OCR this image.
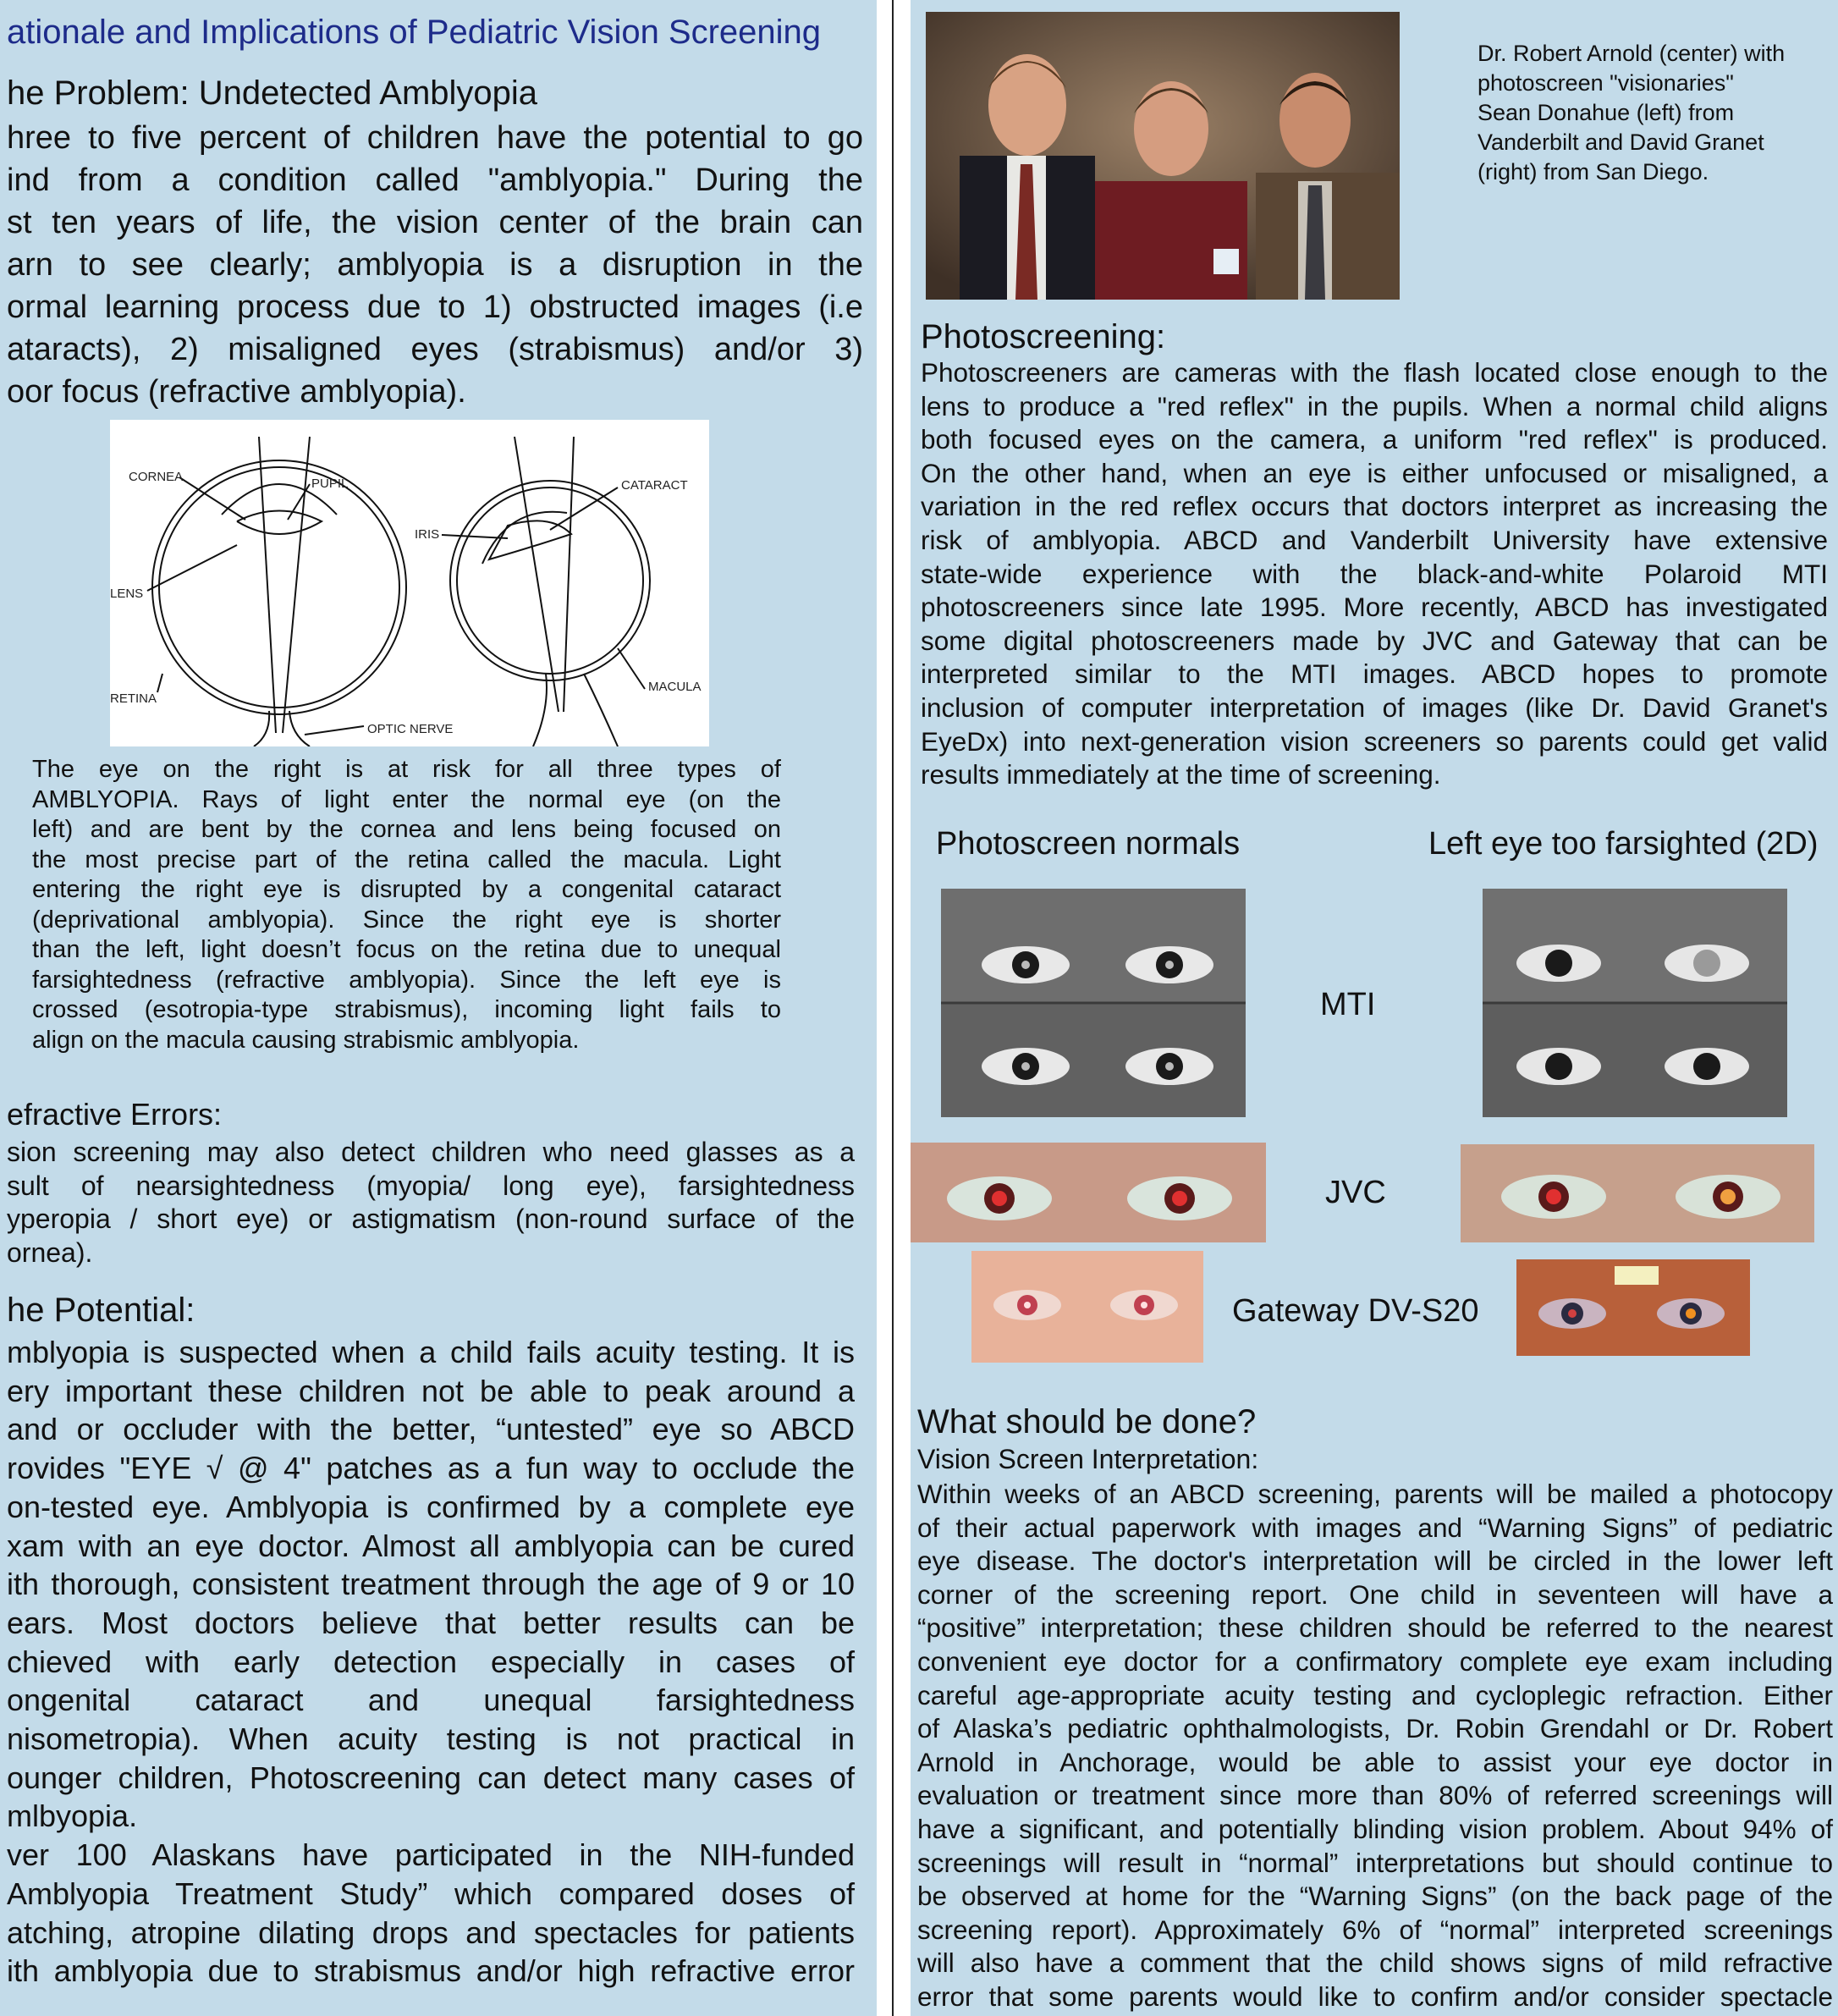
ationale and Implications of Pediatric Vision Screening
he Problem: Undetected Amblyopia
hree to five percent of children have the potential to go
ind from a condition called "amblyopia." During the
st ten years of life, the vision center of the brain can
arn to see clearly; amblyopia is a disruption in the
ormal learning process due to 1) obstructed images (i.e
ataracts), 2) misaligned eyes (strabismus) and/or 3)
oor focus (refractive amblyopia).
CORNEA	PUPIL
LENS
RETINA
OPTIC NERVE
IRIS
CATARACT
MACULA
The eye on the right is at risk for all three types of
AMBLYOPIA. Rays of light enter the normal eye (on the
left) and are bent by the cornea and lens being focused on
the most precise part of the retina called the macula. Light
entering the right eye is disrupted by a congenital cataract
(deprivational amblyopia). Since the right eye is shorter
than the left, light doesn’t focus on the retina due to unequal
farsightedness (refractive amblyopia). Since the left eye is
crossed (esotropia-type strabismus), incoming light fails to
align on the macula causing strabismic amblyopia.
efractive Errors:
sion screening may also detect children who need glasses as a
sult of nearsightedness (myopia/ long eye), farsightedness
yperopia / short eye) or astigmatism (non-round surface of the
ornea).
he Potential:
mblyopia is suspected when a child fails acuity testing. It is
ery important these children not be able to peak around a
and or occluder with the better, “untested” eye so ABCD
rovides "EYE √ @ 4" patches as a fun way to occlude the
on-tested eye. Amblyopia is confirmed by a complete eye
xam with an eye doctor. Almost all amblyopia can be cured
ith thorough, consistent treatment through the age of 9 or 10
ears. Most doctors believe that better results can be
chieved with early detection especially in cases of
ongenital cataract and unequal farsightedness
nisometropia). When acuity testing is not practical in
ounger children, Photoscreening can detect many cases of
mlbyopia.
ver 100 Alaskans have participated in the NIH-funded
Amblyopia Treatment Study” which compared doses of
atching, atropine dilating drops and spectacles for patients
ith amblyopia due to strabismus and/or high refractive error
Dr. Robert Arnold (center) with
photoscreen "visionaries"
Sean Donahue (left) from
Vanderbilt and David Granet
(right) from San Diego.
Photoscreening:
Photoscreeners are cameras with the flash located close enough to the
lens to produce a "red reflex" in the pupils. When a normal child aligns
both focused eyes on the camera, a uniform "red reflex" is produced.
On the other hand, when an eye is either unfocused or misaligned, a
variation in the red reflex occurs that doctors interpret as increasing the
risk of amblyopia. ABCD and Vanderbilt University have extensive
state-wide experience with the black-and-white Polaroid MTI
photoscreeners since late 1995. More recently, ABCD has investigated
some digital photoscreeners made by JVC and Gateway that can be
interpreted similar to the MTI images. ABCD hopes to promote
inclusion of computer interpretation of images (like Dr. David Granet's
EyeDx) into next-generation vision screeners so parents could get valid
results immediately at the time of screening.
Photoscreen normals	Left eye too farsighted (2D)
MTI
JVC
Gateway DV-S20
What should be done?
Vision Screen Interpretation:
Within weeks of an ABCD screening, parents will be mailed a photocopy
of their actual paperwork with images and “Warning Signs” of pediatric
eye disease. The doctor's interpretation will be circled in the lower left
corner of the screening report. One child in seventeen will have a
“positive” interpretation; these children should be referred to the nearest
convenient eye doctor for a confirmatory complete eye exam including
careful age-appropriate acuity testing and cycloplegic refraction. Either
of Alaska’s pediatric ophthalmologists, Dr. Robin Grendahl or Dr. Robert
Arnold in Anchorage, would be able to assist your eye doctor in
evaluation or treatment since more than 80% of referred screenings will
have a significant, and potentially blinding vision problem. About 94% of
screenings will result in “normal” interpretations but should continue to
be observed at home for the “Warning Signs” (on the back page of the
screening report). Approximately 6% of “normal” interpreted screenings
will also have a comment that the child shows signs of mild refractive
error that some parents would like to confirm and/or consider spectacle
